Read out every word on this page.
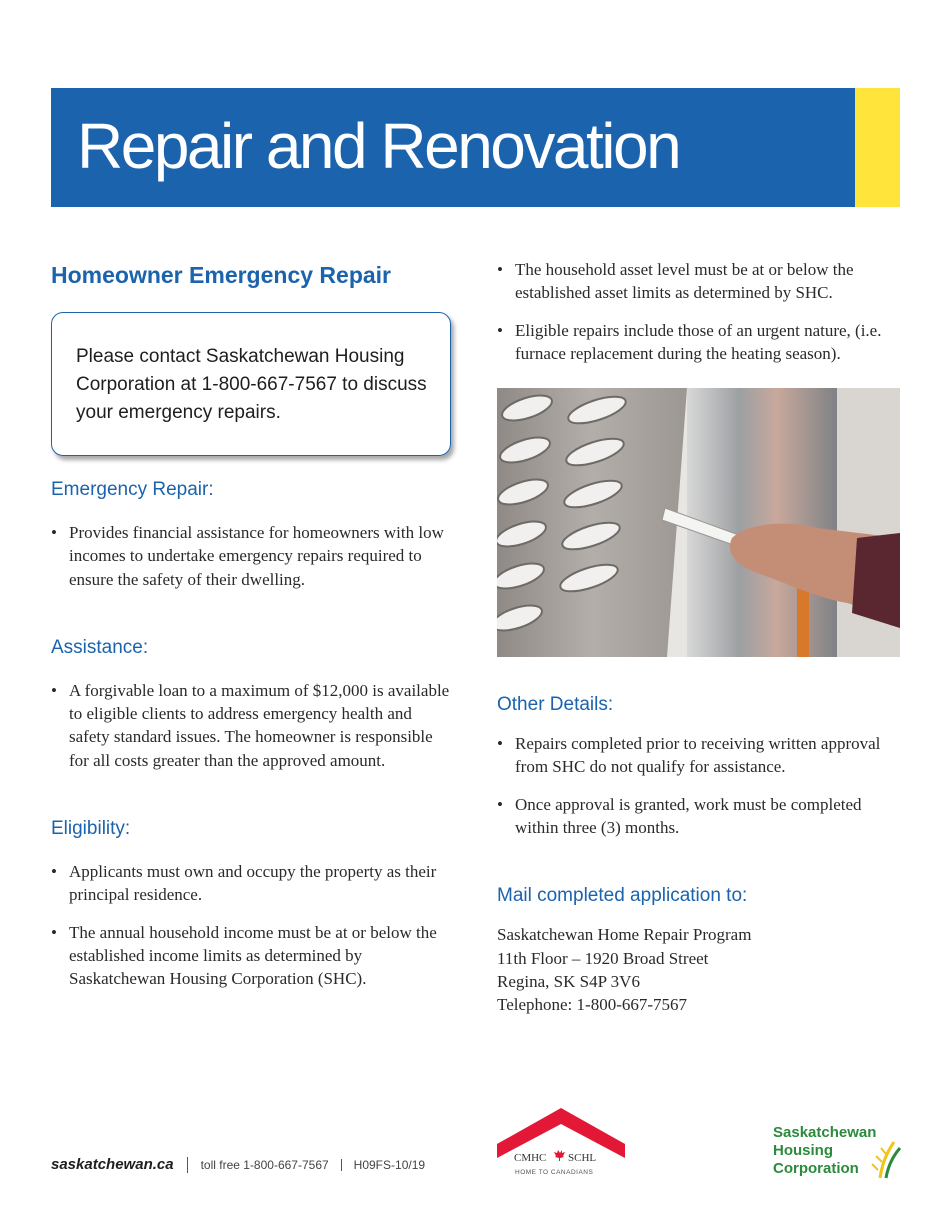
Repair and Renovation
Homeowner Emergency Repair
Please contact Saskatchewan Housing Corporation at 1-800-667-7567 to discuss your emergency repairs.
Emergency Repair:
• Provides financial assistance for homeowners with low incomes to undertake emergency repairs required to ensure the safety of their dwelling.
Assistance:
• A forgivable loan to a maximum of $12,000 is available to eligible clients to address emergency health and safety standard issues. The homeowner is responsible for all costs greater than the approved amount.
Eligibility:
• Applicants must own and occupy the property as their principal residence.
• The annual household income must be at or below the established income limits as determined by Saskatchewan Housing Corporation (SHC).
• The household asset level must be at or below the established asset limits as determined by SHC.
• Eligible repairs include those of an urgent nature, (i.e. furnace replacement during the heating season).
Other Details:
• Repairs completed prior to receiving written approval from SHC do not qualify for assistance.
• Once approval is granted, work must be completed within three (3) months.
Mail completed application to:
Saskatchewan Home Repair Program
11th Floor – 1920 Broad Street
Regina, SK S4P 3V6
Telephone: 1-800-667-7567
saskatchewan.ca toll free 1-800-667-7567 H09FS-10/19	CMHC SCHL
HOME TO CANADIANS
Saskatchewan
Housing
Corporation
